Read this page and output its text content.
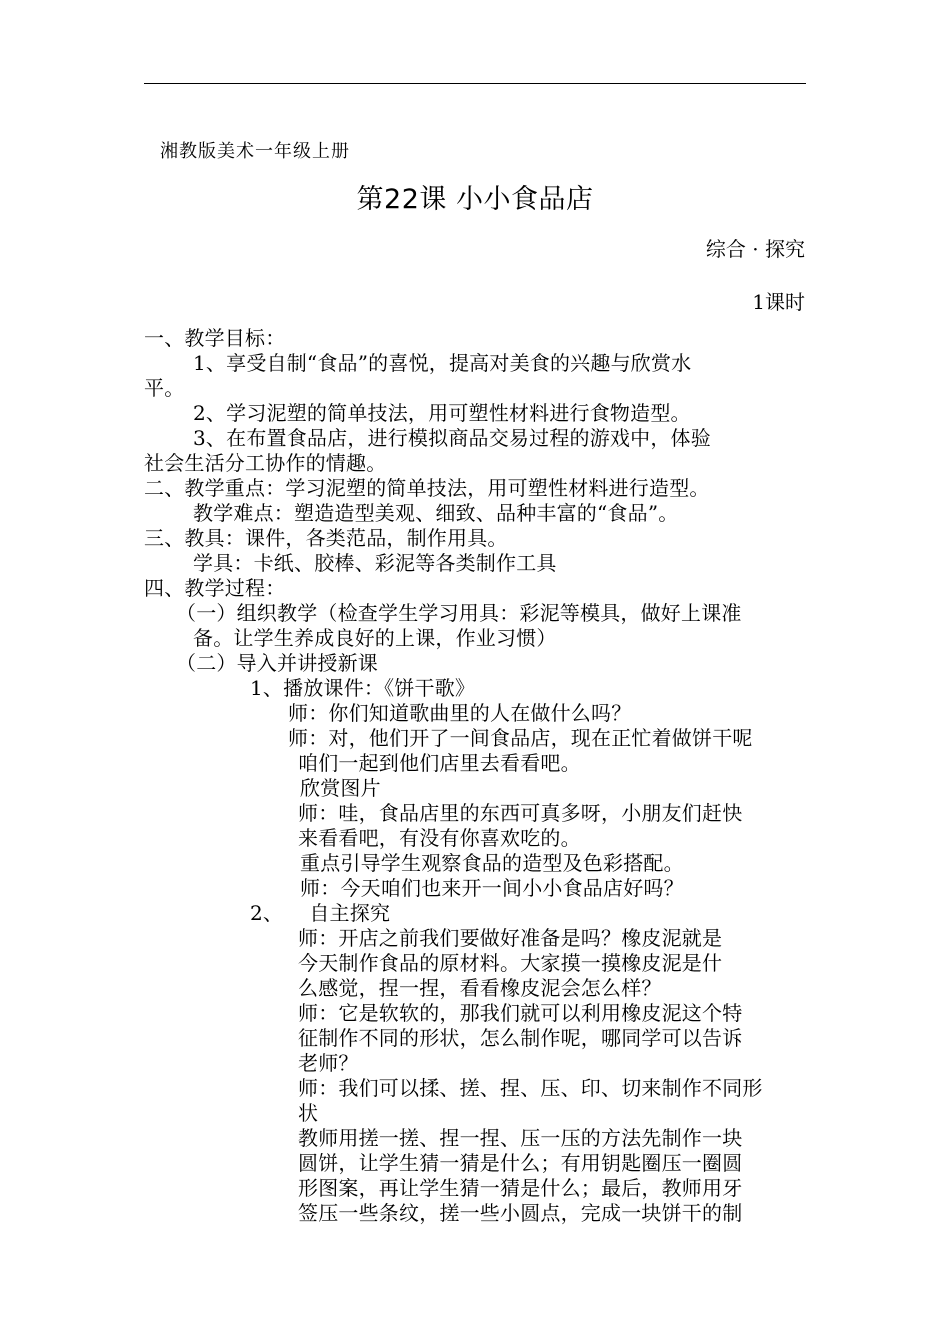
湘教版美术一年级上册
第22课 小小食品店
综合 · 探究
1课时
一、教学目标：
1、享受自制“食品”的喜悦，提高对美食的兴趣与欣赏水
平。
2、学习泥塑的简单技法，用可塑性材料进行食物造型。
3、在布置食品店，进行模拟商品交易过程的游戏中，体验
社会生活分工协作的情趣。
二、教学重点：学习泥塑的简单技法，用可塑性材料进行造型。
教学难点：塑造造型美观、细致、品种丰富的“食品”。
三、教具：课件，各类范品，制作用具。
学具：卡纸、胶棒、彩泥等各类制作工具
四、教学过程：
（一）组织教学（检查学生学习用具：彩泥等模具，做好上课准
备。让学生养成良好的上课，作业习惯）
（二）导入并讲授新课
1、播放课件：《饼干歌》
师：你们知道歌曲里的人在做什么吗？
师：对，他们开了一间食品店，现在正忙着做饼干呢
咱们一起到他们店里去看看吧。
欣赏图片
师：哇，食品店里的东西可真多呀，小朋友们赶快
来看看吧，有没有你喜欢吃的。
重点引导学生观察食品的造型及色彩搭配。
师：今天咱们也来开一间小小食品店好吗？
2、    自主探究
师：开店之前我们要做好准备是吗？橡皮泥就是
今天制作食品的原材料。大家摸一摸橡皮泥是什
么感觉，捏一捏，看看橡皮泥会怎么样？
师：它是软软的，那我们就可以利用橡皮泥这个特
征制作不同的形状，怎么制作呢，哪同学可以告诉
老师？
师：我们可以揉、搓、捏、压、印、切来制作不同形
状
教师用搓一搓、捏一捏、压一压的方法先制作一块
圆饼，让学生猜一猜是什么；有用钥匙圈压一圈圆
形图案，再让学生猜一猜是什么；最后，教师用牙
签压一些条纹，搓一些小圆点，完成一块饼干的制
